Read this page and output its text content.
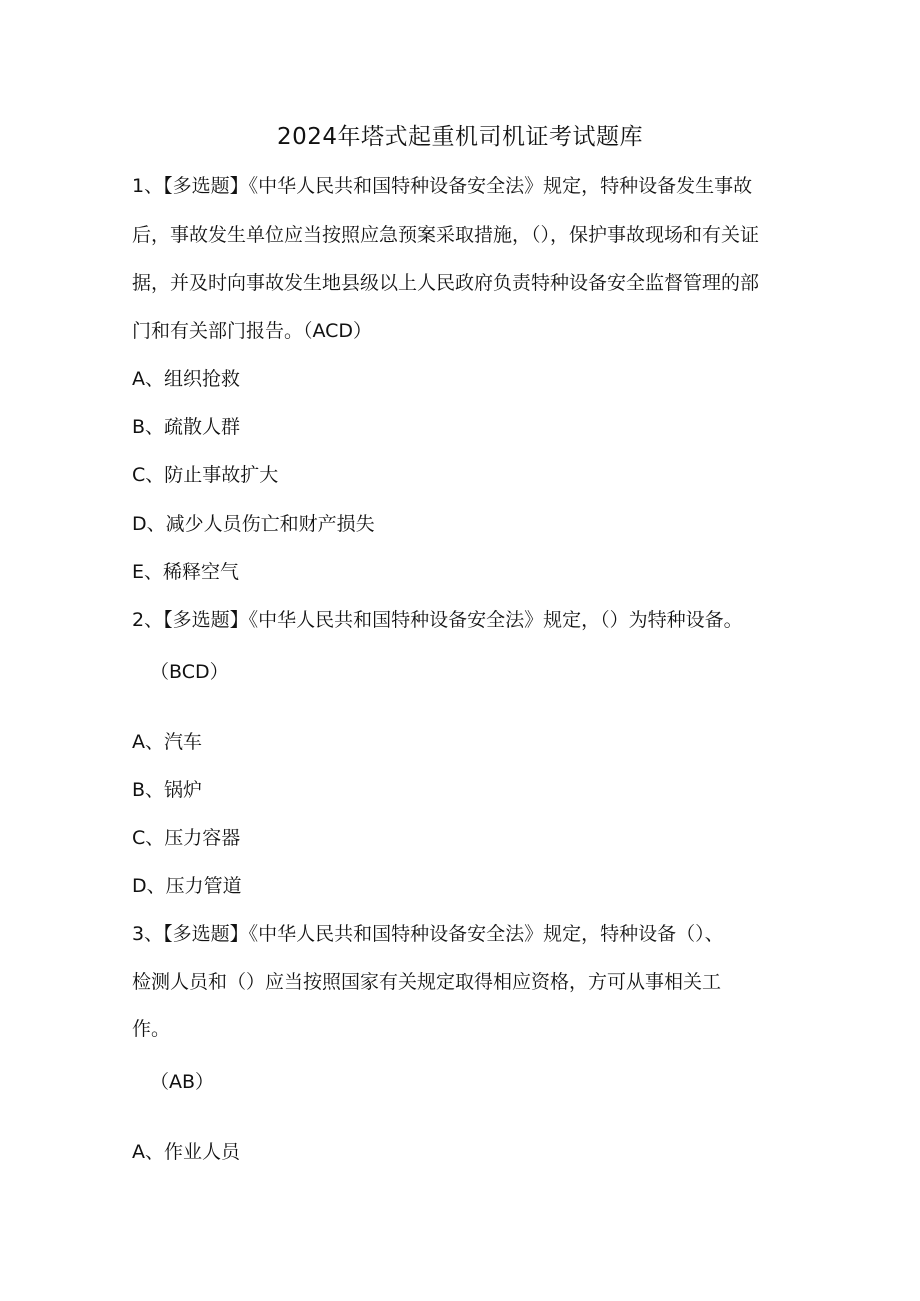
2024年塔式起重机司机证考试题库
1、【多选题】《中华人民共和国特种设备安全法》规定，特种设备发生事故
后，事故发生单位应当按照应急预案采取措施，（），保护事故现场和有关证
据，并及时向事故发生地县级以上人民政府负责特种设备安全监督管理的部
门和有关部门报告。（ACD）
A、组织抢救
B、疏散人群
C、防止事故扩大
D、减少人员伤亡和财产损失
E、稀释空气
2、【多选题】《中华人民共和国特种设备安全法》规定，（）为特种设备。
（BCD）
A、汽车
B、锅炉
C、压力容器
D、压力管道
3、【多选题】《中华人民共和国特种设备安全法》规定，特种设备（）、
检测人员和（）应当按照国家有关规定取得相应资格，方可从事相关工
作。
（AB）
A、作业人员
